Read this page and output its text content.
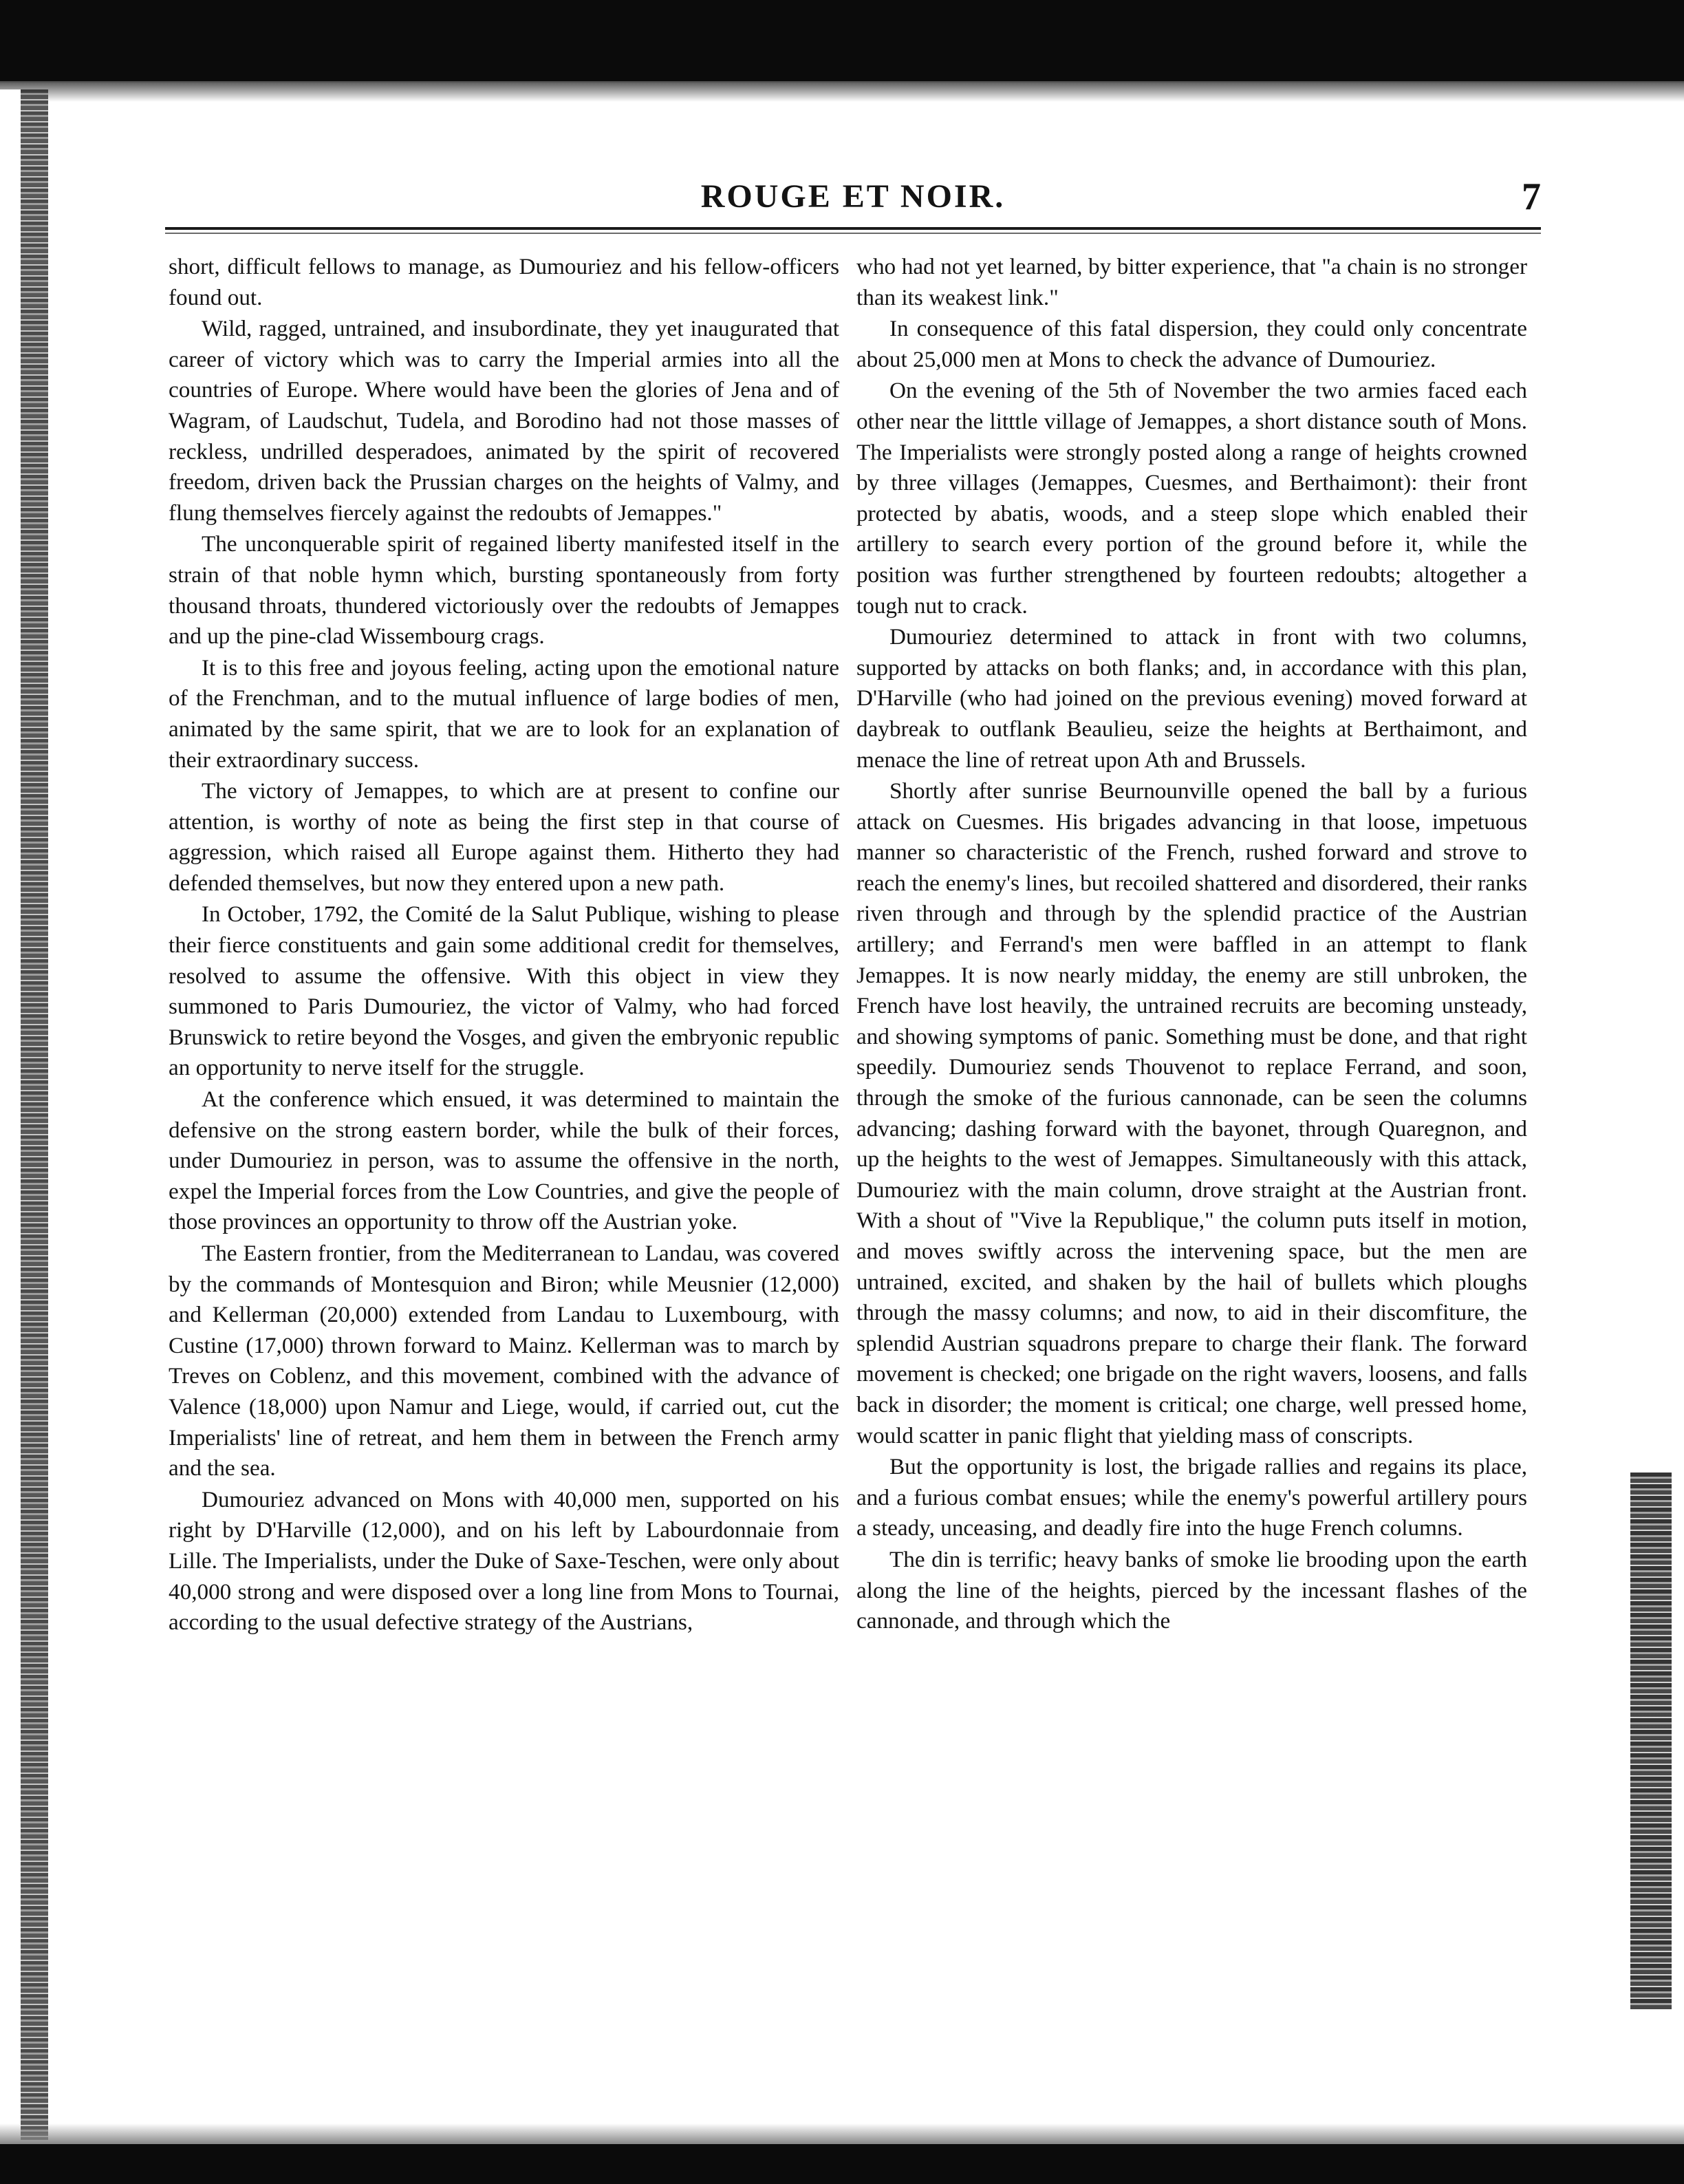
ROUGE ET NOIR.	7

short, difficult fellows to manage, as Dumouriez and his fellow-officers found out.

Wild, ragged, untrained, and insubordinate, they yet inaugurated that career of victory which was to carry the Imperial armies into all the countries of Europe. Where would have been the glories of Jena and of Wagram, of Laudschut, Tudela, and Borodino had not those masses of reckless, undrilled desperadoes, animated by the spirit of recovered freedom, driven back the Prussian charges on the heights of Valmy, and flung themselves fiercely against the redoubts of Jemappes."

The unconquerable spirit of regained liberty manifested itself in the strain of that noble hymn which, bursting spontaneously from forty thousand throats, thundered victoriously over the redoubts of Jemappes and up the pine-clad Wissembourg crags.

It is to this free and joyous feeling, acting upon the emotional nature of the Frenchman, and to the mutual influence of large bodies of men, animated by the same spirit, that we are to look for an explanation of their extraordinary success.

The victory of Jemappes, to which are at present to confine our attention, is worthy of note as being the first step in that course of aggression, which raised all Europe against them. Hitherto they had defended themselves, but now they entered upon a new path.

In October, 1792, the Comité de la Salut Publique, wishing to please their fierce constituents and gain some additional credit for themselves, resolved to assume the offensive. With this object in view they summoned to Paris Dumouriez, the victor of Valmy, who had forced Brunswick to retire beyond the Vosges, and given the embryonic republic an opportunity to nerve itself for the struggle.

At the conference which ensued, it was determined to maintain the defensive on the strong eastern border, while the bulk of their forces, under Dumouriez in person, was to assume the offensive in the north, expel the Imperial forces from the Low Countries, and give the people of those provinces an opportunity to throw off the Austrian yoke.

The Eastern frontier, from the Mediterranean to Landau, was covered by the commands of Montesquion and Biron; while Meusnier (12,000) and Kellerman (20,000) extended from Landau to Luxembourg, with Custine (17,000) thrown forward to Mainz. Kellerman was to march by Treves on Coblenz, and this movement, combined with the advance of Valence (18,000) upon Namur and Liege, would, if carried out, cut the Imperialists' line of retreat, and hem them in between the French army and the sea.

Dumouriez advanced on Mons with 40,000 men, supported on his right by D'Harville (12,000), and on his left by Labourdonnaie from Lille. The Imperialists, under the Duke of Saxe-Teschen, were only about 40,000 strong and were disposed over a long line from Mons to Tournai, according to the usual defective strategy of the Austrians,

who had not yet learned, by bitter experience, that "a chain is no stronger than its weakest link."

In consequence of this fatal dispersion, they could only concentrate about 25,000 men at Mons to check the advance of Dumouriez.

On the evening of the 5th of November the two armies faced each other near the litttle village of Jemappes, a short distance south of Mons. The Imperialists were strongly posted along a range of heights crowned by three villages (Jemappes, Cuesmes, and Berthaimont): their front protected by abatis, woods, and a steep slope which enabled their artillery to search every portion of the ground before it, while the position was further strengthened by fourteen redoubts; altogether a tough nut to crack.

Dumouriez determined to attack in front with two columns, supported by attacks on both flanks; and, in accordance with this plan, D'Harville (who had joined on the previous evening) moved forward at daybreak to outflank Beaulieu, seize the heights at Berthaimont, and menace the line of retreat upon Ath and Brussels.

Shortly after sunrise Beurnounville opened the ball by a furious attack on Cuesmes. His brigades advancing in that loose, impetuous manner so characteristic of the French, rushed forward and strove to reach the enemy's lines, but recoiled shattered and disordered, their ranks riven through and through by the splendid practice of the Austrian artillery; and Ferrand's men were baffled in an attempt to flank Jemappes. It is now nearly midday, the enemy are still unbroken, the French have lost heavily, the untrained recruits are becoming unsteady, and showing symptoms of panic. Something must be done, and that right speedily. Dumouriez sends Thouvenot to replace Ferrand, and soon, through the smoke of the furious cannonade, can be seen the columns advancing; dashing forward with the bayonet, through Quaregnon, and up the heights to the west of Jemappes. Simultaneously with this attack, Dumouriez with the main column, drove straight at the Austrian front. With a shout of "Vive la Republique," the column puts itself in motion, and moves swiftly across the intervening space, but the men are untrained, excited, and shaken by the hail of bullets which ploughs through the massy columns; and now, to aid in their discomfiture, the splendid Austrian squadrons prepare to charge their flank. The forward movement is checked; one brigade on the right wavers, loosens, and falls back in disorder; the moment is critical; one charge, well pressed home, would scatter in panic flight that yielding mass of conscripts.

But the opportunity is lost, the brigade rallies and regains its place, and a furious combat ensues; while the enemy's powerful artillery pours a steady, unceasing, and deadly fire into the huge French columns.

The din is terrific; heavy banks of smoke lie brooding upon the earth along the line of the heights, pierced by the incessant flashes of the cannonade, and through which the
